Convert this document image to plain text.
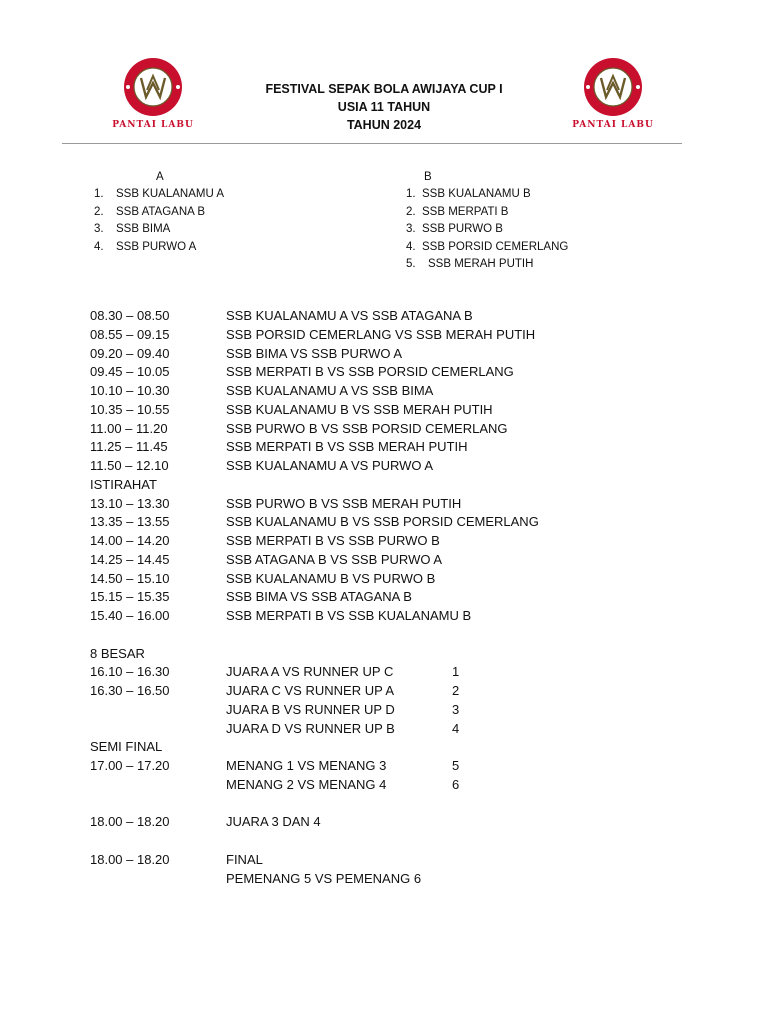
PANTAI LABU	PANTAI LABU
FESTIVAL SEPAK BOLA AWIJAYA CUP I
USIA 11 TAHUN
TAHUN 2024
A
1. SSB KUALANAMU A
2. SSB ATAGANA B
3. SSB BIMA
4. SSB PURWO A
B
1. SSB KUALANAMU B
2. SSB MERPATI B
3. SSB PURWO B
4. SSB PORSID CEMERLANG
5. SSB MERAH PUTIH
08.30 – 08.50	SSB KUALANAMU A VS SSB ATAGANA B
08.55 – 09.15	SSB PORSID CEMERLANG VS SSB MERAH PUTIH
09.20 – 09.40	SSB BIMA VS SSB PURWO A
09.45 – 10.05	SSB MERPATI B VS SSB PORSID CEMERLANG
10.10 – 10.30	SSB KUALANAMU A VS SSB BIMA
10.35 – 10.55	SSB KUALANAMU B VS SSB MERAH PUTIH
11.00 – 11.20	SSB PURWO B VS SSB PORSID CEMERLANG
11.25 – 11.45	SSB MERPATI B VS SSB MERAH PUTIH
11.50 – 12.10	SSB KUALANAMU A VS PURWO A
ISTIRAHAT
13.10 – 13.30	SSB PURWO B VS SSB MERAH PUTIH
13.35 – 13.55	SSB KUALANAMU B VS SSB PORSID CEMERLANG
14.00 – 14.20	SSB MERPATI B VS SSB PURWO B
14.25 – 14.45	SSB ATAGANA B VS SSB PURWO A
14.50 – 15.10	SSB KUALANAMU B VS PURWO B
15.15 – 15.35	SSB BIMA VS SSB ATAGANA B
15.40 – 16.00	SSB MERPATI B VS SSB KUALANAMU B
8 BESAR
16.10 – 16.30	JUARA A VS RUNNER UP C	1
16.30 – 16.50	JUARA C VS RUNNER UP A	2
JUARA B VS RUNNER UP D	3
JUARA D VS RUNNER UP B	4
SEMI FINAL
17.00 – 17.20	MENANG 1 VS MENANG 3	5
MENANG 2 VS MENANG 4	6
18.00 – 18.20	JUARA 3 DAN 4
18.00 – 18.20	FINAL
PEMENANG 5 VS PEMENANG 6
